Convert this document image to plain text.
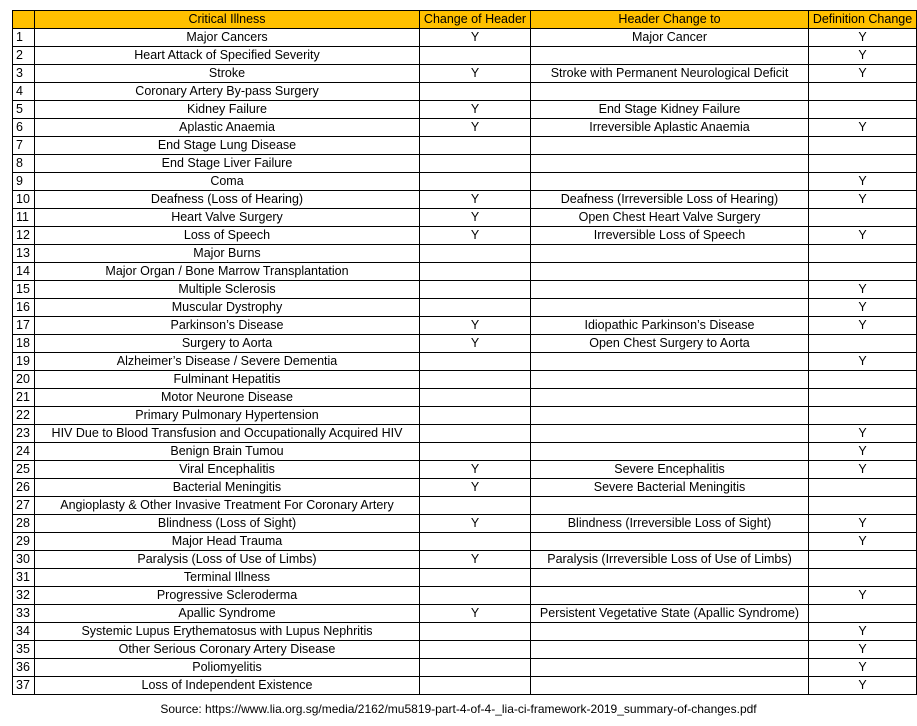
	Critical Illness	Change of Header	Header Change to	Definition Change
1	Major Cancers	Y	Major Cancer	Y
2	Heart Attack of Specified Severity			Y
3	Stroke	Y	Stroke with Permanent Neurological Deficit	Y
4	Coronary Artery By-pass Surgery			
5	Kidney Failure	Y	End Stage Kidney Failure	
6	Aplastic Anaemia	Y	Irreversible Aplastic Anaemia	Y
7	End Stage Lung Disease			
8	End Stage Liver Failure			
9	Coma			Y
10	Deafness (Loss of Hearing)	Y	Deafness (Irreversible Loss of Hearing)	Y
11	Heart Valve Surgery	Y	Open Chest Heart Valve Surgery	
12	Loss of Speech	Y	Irreversible Loss of Speech	Y
13	Major Burns			
14	Major Organ / Bone Marrow Transplantation			
15	Multiple Sclerosis			Y
16	Muscular Dystrophy			Y
17	Parkinson’s Disease	Y	Idiopathic Parkinson’s Disease	Y
18	Surgery to Aorta	Y	Open Chest Surgery to Aorta	
19	Alzheimer’s Disease / Severe Dementia			Y
20	Fulminant Hepatitis			
21	Motor Neurone Disease			
22	Primary Pulmonary Hypertension			
23	HIV Due to Blood Transfusion and Occupationally Acquired HIV			Y
24	Benign Brain Tumou			Y
25	Viral Encephalitis	Y	Severe Encephalitis	Y
26	Bacterial Meningitis	Y	Severe Bacterial Meningitis	
27	Angioplasty & Other Invasive Treatment For Coronary Artery			
28	Blindness (Loss of Sight)	Y	Blindness (Irreversible Loss of Sight)	Y
29	Major Head Trauma			Y
30	Paralysis (Loss of Use of Limbs)	Y	Paralysis (Irreversible Loss of Use of Limbs)	
31	Terminal Illness			
32	Progressive Scleroderma			Y
33	Apallic Syndrome	Y	Persistent Vegetative State (Apallic Syndrome)	
34	Systemic Lupus Erythematosus with Lupus Nephritis			Y
35	Other Serious Coronary Artery Disease			Y
36	Poliomyelitis			Y
37	Loss of Independent Existence			Y
Source: https://www.lia.org.sg/media/2162/mu5819-part-4-of-4-_lia-ci-framework-2019_summary-of-changes.pdf
